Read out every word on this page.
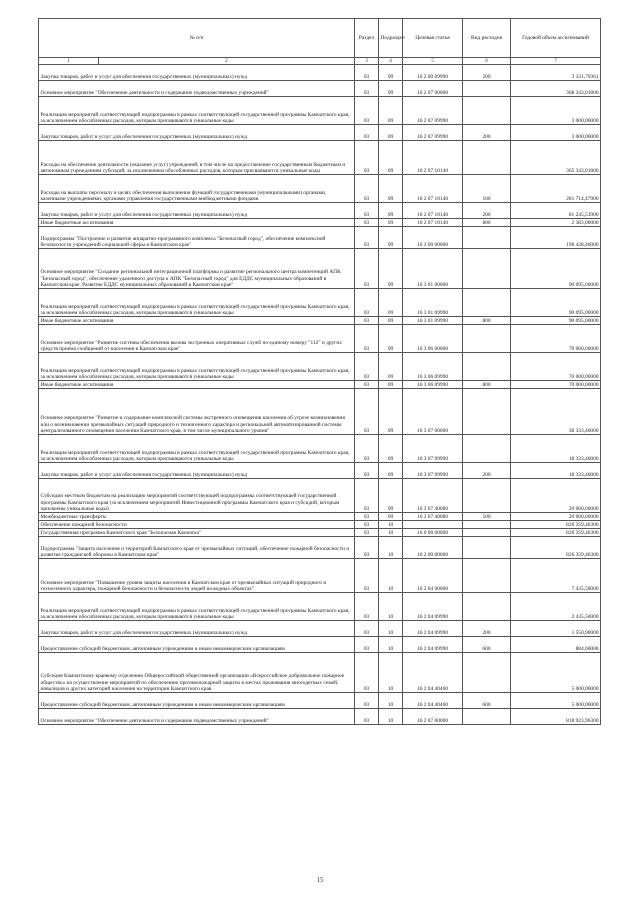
№ п/п		Раздел	Подраздел	Целевая статья	Вид расходов	Годовой объем ассигнований
1	2	3	4	5	6	7
Закупка товаров, работ и услуг для обеспечения государственных (муниципальных) нужд		03	09	16 2 00 09990	200	3 331,79361
Основное мероприятие "Обеспечение деятельности и содержание подведомственных учреждений"		03	09	16 2 07 00000		368 343,01800
Реализация мероприятий соответствующей подпрограммы в рамках соответствующей государственной программы Камчатского края, за исключением обособленных расходов, которым присваиваются уникальные коды		03	09	16 2 07 09990		3 000,00000
Закупка товаров, работ и услуг для обеспечения государственных (муниципальных) нужд		03	09	16 2 07 09990	200	3 000,00000
Расходы на обеспечение деятельности (оказание услуг) учреждений, в том числе на предоставление государственным бюджетным и автономным учреждениям субсидий, за исключением обособленных расходов, которым присваиваются уникальные коды		03	09	16 2 07 10140		365 343,01800
Расходы на выплаты персоналу в целях обеспечения выполнения функций государственными (муниципальными) органами, казенными учреждениями, органами управления государственными внебюджетными фондами		03	09	16 2 07 10140	100	281 714,47900
Закупка товаров, работ и услуг для обеспечения государственных (муниципальных) нужд		03	09	16 2 07 10140	200	81 245,53900
Иные бюджетные ассигнования		03	09	16 2 07 10140	800	2 383,00000
Подпрограмма "Построение и развитие аппаратно-программного комплекса "Безопасный город", обеспечение комплексной безопасности учреждений социальной сферы в Камчатском крае"		03	09	16 3 00 00000		198 428,46000
Основное мероприятие "Создание региональной интеграционной платформы и развитие регионального центра компетенций АПК "Безопасный город", обеспечение удаленного доступа к АПК "Безопасный город" для ЕДДС муниципальных образований в Камчатском крае. Развитие ЕДДС муниципальных образований в Камчатском крае"		03	09	16 3 01 00000		90 095,00000
Реализация мероприятий соответствующей подпрограммы в рамках соответствующей государственной программы Камчатского края, за исключением обособленных расходов, которым присваиваются уникальные коды		03	09	16 3 01 09990		90 095,00000
Иные бюджетные ассигнования		03	09	16 3 01 09990	800	90 095,00000
Основное мероприятие "Развитие системы обеспечения вызова экстренных оперативных служб по единому номеру "112" и других средств приема сообщений от населения в Камчатском крае"		03	09	16 3 06 00000		70 000,00000
Реализация мероприятий соответствующей подпрограммы в рамках соответствующей государственной программы Камчатского края, за исключением обособленных расходов, которым присваиваются уникальные коды		03	09	16 3 06 09990		70 000,00000
Иные бюджетные ассигнования		03	09	16 3 06 09990	800	70 000,00000
Основное мероприятие "Развитие и содержание комплексной системы экстренного оповещения населения об угрозе возникновения или о возникновении чрезвычайных ситуаций природного и техногенного характера и региональной автоматизированной системы централизованного оповещения населения Камчатского края, в том числе муниципального уровня"		03	09	16 3 07 00000		38 333,46000
Реализация мероприятий соответствующей подпрограммы в рамках соответствующей государственной программы Камчатского края, за исключением обособленных расходов, которым присваиваются уникальные коды		03	09	16 3 07 09990		18 333,46000
Закупка товаров, работ и услуг для обеспечения государственных (муниципальных) нужд		03	09	16 3 07 09990	200	18 333,46000
Субсидии местным бюджетам на реализацию мероприятий соответствующей подпрограммы соответствующей государственной программы Камчатского края (за исключением мероприятий Инвестиционной программы Камчатского края и субсидий, которым присвоены уникальные коды)		03	09	16 3 07 40080		20 000,00000
Межбюджетные трансферты		03	09	16 3 07 40080	500	20 000,00000
Обеспечение пожарной безопасности		03	10			826 359,46300
Государственная программа Камчатского края "Безопасная Камчатка"		03	10	16 0 00 00000		826 359,46300
Подпрограмма "Защита населения и территорий Камчатского края от чрезвычайных ситуаций, обеспечение пожарной безопасности и развитие гражданской обороны в Камчатском крае"		03	10	16 2 00 00000		826 359,46300
Основное мероприятие "Повышение уровня защиты населения в Камчатском крае от чрезвычайных ситуаций природного и техногенного характера, пожарной безопасности и безопасности людей на водных объектах"		03	10	16 2 04 00000		7 435,50000
Реализация мероприятий соответствующей подпрограммы в рамках соответствующей государственной программы Камчатского края, за исключением обособленных расходов, которым присваиваются уникальные коды		03	10	16 2 04 09990		2 435,50000
Закупка товаров, работ и услуг для обеспечения государственных (муниципальных) нужд		03	10	16 2 04 09990	200	1 550,90000
Предоставление субсидий бюджетным, автономным учреждениям и иным некоммерческим организациям		03	10	16 2 04 09990	600	884,60000
Субсидия Камчатскому краевому отделению Общероссийской общественной организации «Всероссийское добровольное пожарное общество» на осуществление мероприятий по обеспечению противопожарной защиты в местах проживания многодетных семей, инвалидов и других категорий населения на территории Камчатского края		03	10	16 2 04 40460		5 000,00000
Предоставление субсидий бюджетным, автономным учреждениям и иным некоммерческим организациям		03	10	16 2 04 40460	600	5 000,00000
Основное мероприятие "Обеспечение деятельности и содержание подведомственных учреждений"		03	10	16 2 07 00000		818 923,96300
15
